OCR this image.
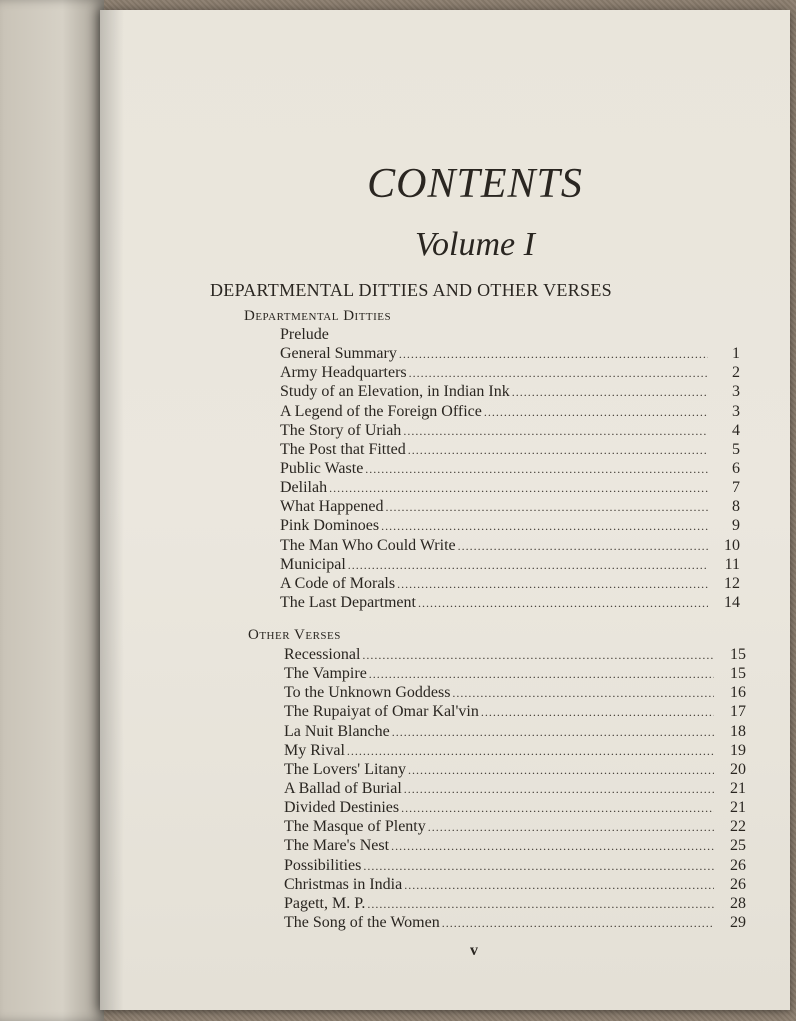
CONTENTS
Volume I
DEPARTMENTAL DITTIES AND OTHER VERSES
Departmental Ditties
Prelude
General Summary .....	1
Army Headquarters .....	2
Study of an Elevation, in Indian Ink .....	3
A Legend of the Foreign Office .....	3
The Story of Uriah .....	4
The Post that Fitted .....	5
Public Waste .....	6
Delilah .....	7
What Happened .....	8
Pink Dominoes .....	9
The Man Who Could Write .....	10
Municipal .....	11
A Code of Morals .....	12
The Last Department .....	14
Other Verses
Recessional .....	15
The Vampire .....	15
To the Unknown Goddess .....	16
The Rupaiyat of Omar Kal'vin .....	17
La Nuit Blanche .....	18
My Rival .....	19
The Lovers' Litany .....	20
A Ballad of Burial .....	21
Divided Destinies .....	21
The Masque of Plenty .....	22
The Mare's Nest .....	25
Possibilities .....	26
Christmas in India .....	26
Pagett, M. P. .....	28
The Song of the Women .....	29
v
